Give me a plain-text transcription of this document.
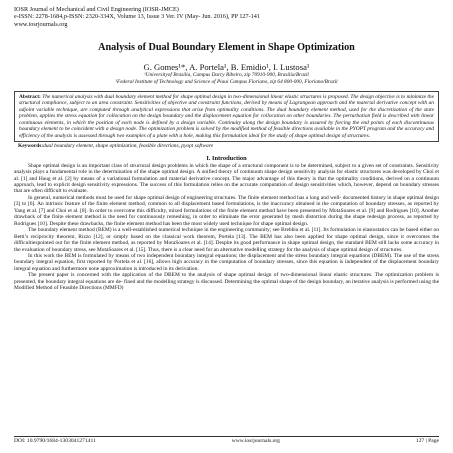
IOSR Journal of Mechanical and Civil Engineering (IOSR-JMCE)
e-ISSN: 2278-1684,p-ISSN: 2320-334X, Volume 13, Issue 3 Ver. IV (May- Jun. 2016), PP 127-141
www.iosrjournals.org
Analysis of Dual Boundary Element in Shape Optimization
G. Gomes¹*, A. Portela¹, B. Emidio¹, I. Lustosa¹
¹Universityof Brasilia, Campus Darcy Ribeiro, zip 70910-900, Brasilia/Brazil
¹Federal Institute of Technology and Science of Piaui Campus Floriano, zip 64 800-000, Floriano/Brazil
Abstract: The numerical analysis with dual boundary element method for shape optimal design in two-dimensional linear elastic structures is proposed. The design objective is to minimize the structural compliance, subject to an area constraint. Sensitivities of objective and constraint functions, derived by means of Lagrangean approach and the material derivative concept with an adjoint variable technique, are computed through analytical expressions that arise from optimality conditions. The dual boundary element method, used for the discretization of the state problem, applies the stress equation for collocation on the design boundary and the displacement equation for collocation on other boundaries. The perturbation field is described with linear continuous elements, in which the position of each node is defined by a design variable. Continuity along the design boundary is assured by forcing the end points of each discontinuous boundary element to be coincident with a design node. The optimization problem is solved by the modified method of feasible directions available in the PYOPT program and the accuracy and efficiency of the analysis is assessed through two examples of a plate with a hole, making this formulation ideal for the study of shape optimal design of structures.
Keywords:dual boundary element, shape optimization, feasible directions, pyopt software
I. Introduction

Shape optimal design is an important class of structural design problems in which the shape of a structural component is to be determined, subject to a given set of constraints. Sensitivity analysis plays a fundamental role in the determination of the shape optimal design. A unified theory of continuum shape design sensitivity analysis for elastic structures was developed by Choi et al. [1] and Haug et al. [2] by means of a variational formulation and material derivative concept. The major advantage of this theory is that the optimality conditions, derived on a continuum approach, lead to explicit design sensitivity expressions. The success of this formulation relies on the accurate computation of design sensitivities which, however, depend on boundary stresses that are often difficult to evaluate.

In general, numerical methods must be used for shape optimal design of engineering structures. The finite element method has a long and well- documented history in shape optimal design [3] to [6]. An intrinsic feature of the finite element method, common to all displacement based formulations, is the inaccuracy obtained in the computation of boundary stresses, as reported by Yang et al. [7] and Choi et al. [8]. In order to overcome this difficulty, mixed formulations of the finite element method have been presented by MotaSoares et al. [9] and Rodrigues [10]. Another drawback of the finite element method is the need for continuously remeshing, in order to eliminate the error generated by mesh distortion during the shape redesign process, as reported by Rodrigues [10]. Despite these drawbacks, the finite element method has been the most widely used technique for shape optimal design.

The boundary element method (BEM) is a well-established numerical technique in the engineering community; see Brebbia et al. [11]. Its formulation in elastostatics can be based either on Betti’s reciprocity theorem, Rizzo [12], or simply based on the classical work theorem, Portela [13]. The BEM has also been applied for shape optimal design, since it overcomes the difficultiespointed out for the finite element method, as reported by MotaSoares et al. [14]. Despite its good performance in shape optimal design, the standard BEM still lacks some accuracy in the evaluation of boundary stress, see MotaSoares et al. [15]. Thus, there is a clear need for an alternative modelling strategy for the analysis of shape optimal design of structures.

In this work the BEM is formulated by means of two independent boundary integral equations; the displacement and the stress boundary integral equations (DBEM). The use of the stress boundary integral equation, first reported by Portela et al. [16], allows high accuracy in the computation of boundary stresses, since this equation is independent of the displacement boundary integral equation and furthermore none approximation is introduced in its derivation.

The present paper is concerned with the application of the DBEM to the analysis of shape optimal design of two-dimensional linear elastic structures. The optimization problem is presented, the boundary integral equations are de- fined and the modelling strategy is discussed. Determining the optimal shape of the design boundary, an iterative analysis is performed using the Modified Method of Feasible Directions (MMFD)

DOI: 10.9790/1684-1303041271411	www.iosrjournals.org	127 | Page
